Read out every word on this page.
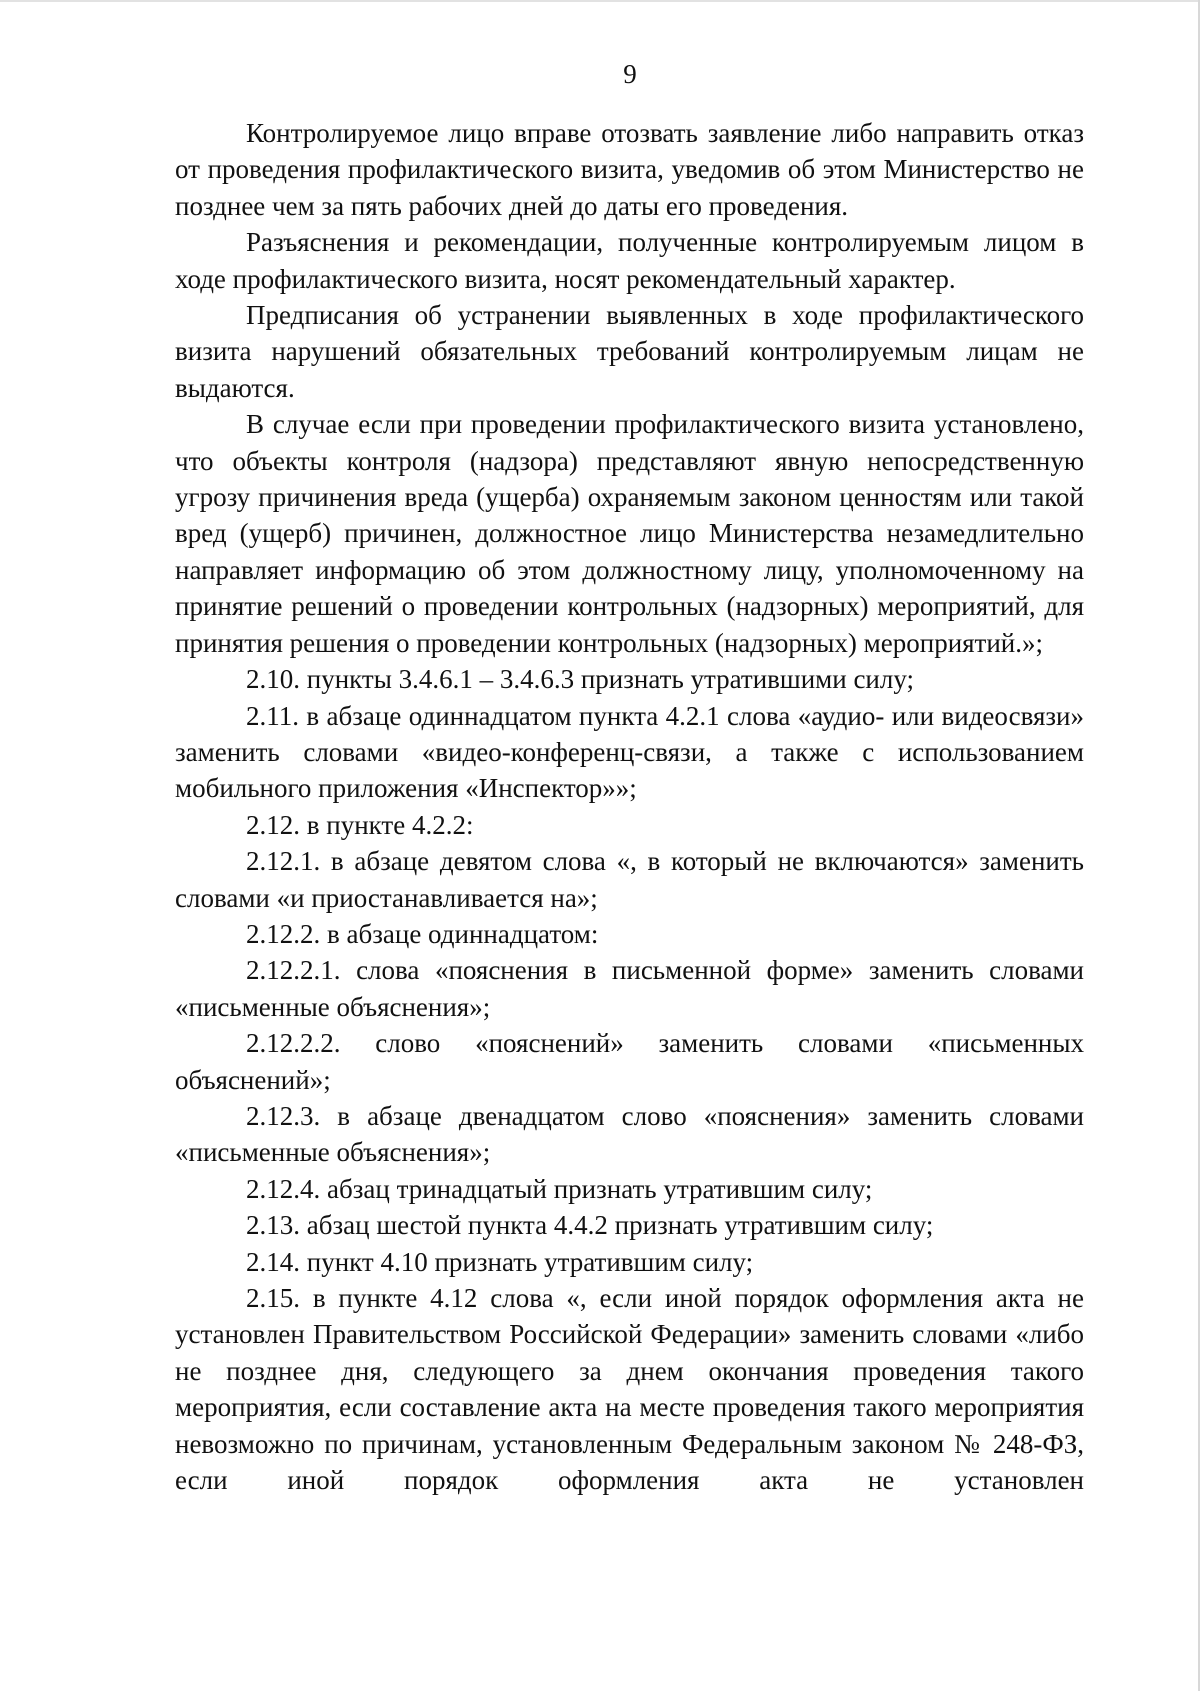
9

Контролируемое лицо вправе отозвать заявление либо направить отказ от проведения профилактического визита, уведомив об этом Министерство не позднее чем за пять рабочих дней до даты его проведения.

Разъяснения и рекомендации, полученные контролируемым лицом в ходе профилактического визита, носят рекомендательный характер.

Предписания об устранении выявленных в ходе профилактического визита нарушений обязательных требований контролируемым лицам не выдаются.

В случае если при проведении профилактического визита установлено, что объекты контроля (надзора) представляют явную непосредственную угрозу причинения вреда (ущерба) охраняемым законом ценностям или такой вред (ущерб) причинен, должностное лицо Министерства незамедлительно направляет информацию об этом должностному лицу, уполномоченному на принятие решений о проведении контрольных (надзорных) мероприятий, для принятия решения о проведении контрольных (надзорных) мероприятий.»;

2.10. пункты 3.4.6.1 – 3.4.6.3 признать утратившими силу;

2.11. в абзаце одиннадцатом пункта 4.2.1 слова «аудио- или видеосвязи» заменить словами «видео-конференц-связи, а также с использованием мобильного приложения «Инспектор»»;

2.12. в пункте 4.2.2:

2.12.1. в абзаце девятом слова «, в который не включаются» заменить словами «и приостанавливается на»;

2.12.2. в абзаце одиннадцатом:

2.12.2.1. слова «пояснения в письменной форме» заменить словами «письменные объяснения»;

2.12.2.2. слово «пояснений» заменить словами «письменных объяснений»;

2.12.3. в абзаце двенадцатом слово «пояснения» заменить словами «письменные объяснения»;

2.12.4. абзац тринадцатый признать утратившим силу;

2.13. абзац шестой пункта 4.4.2 признать утратившим силу;

2.14. пункт 4.10 признать утратившим силу;

2.15. в пункте 4.12 слова «, если иной порядок оформления акта не установлен Правительством Российской Федерации» заменить словами «либо не позднее дня, следующего за днем окончания проведения такого мероприятия, если составление акта на месте проведения такого мероприятия невозможно по причинам, установленным Федеральным законом № 248-ФЗ, если иной порядок оформления акта не установлен
